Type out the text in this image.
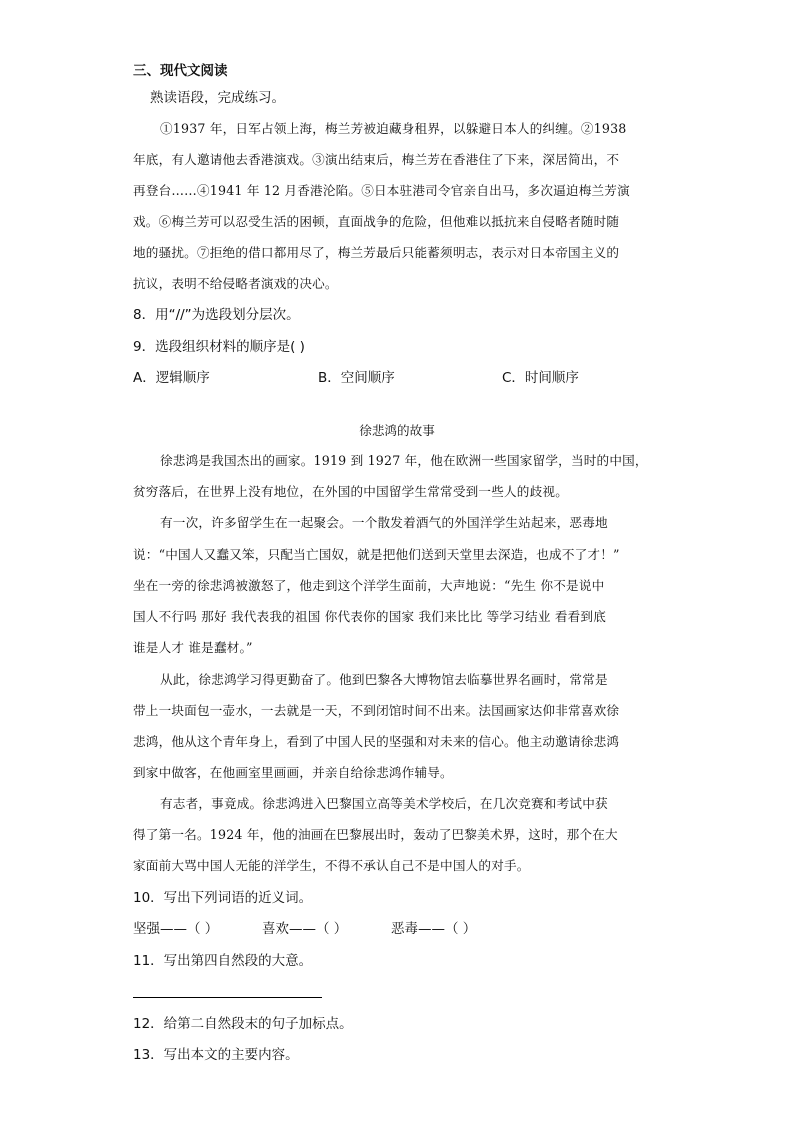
三、现代文阅读
熟读语段，完成练习。
①1937 年，日军占领上海，梅兰芳被迫藏身租界，以躲避日本人的纠缠。②1938
年底，有人邀请他去香港演戏。③演出结束后，梅兰芳在香港住了下来，深居简出，不
再登台……④1941 年 12 月香港沦陷。⑤日本驻港司令官亲自出马，多次逼迫梅兰芳演
戏。⑥梅兰芳可以忍受生活的困顿，直面战争的危险，但他难以抵抗来自侵略者随时随
地的骚扰。⑦拒绝的借口都用尽了，梅兰芳最后只能蓄须明志，表示对日本帝国主义的
抗议，表明不给侵略者演戏的决心。
8．用“//”为选段划分层次。
9．选段组织材料的顺序是( )
A．逻辑顺序	B．空间顺序	C．时间顺序
徐悲鸿的故事
徐悲鸿是我国杰出的画家。1919 到 1927 年，他在欧洲一些国家留学，当时的中国，
贫穷落后，在世界上没有地位，在外国的中国留学生常常受到一些人的歧视。
有一次，许多留学生在一起聚会。一个散发着酒气的外国洋学生站起来，恶毒地
说：“中国人又蠢又笨，只配当亡国奴，就是把他们送到天堂里去深造，也成不了才！”
坐在一旁的徐悲鸿被激怒了，他走到这个洋学生面前，大声地说：“先生 你不是说中
国人不行吗 那好 我代表我的祖国 你代表你的国家 我们来比比 等学习结业 看看到底
谁是人才 谁是蠢材。”
从此，徐悲鸿学习得更勤奋了。他到巴黎各大博物馆去临摹世界名画时，常常是
带上一块面包一壶水，一去就是一天，不到闭馆时间不出来。法国画家达仰非常喜欢徐
悲鸿，他从这个青年身上，看到了中国人民的坚强和对未来的信心。他主动邀请徐悲鸿
到家中做客，在他画室里画画，并亲自给徐悲鸿作辅导。
有志者，事竟成。徐悲鸿进入巴黎国立高等美术学校后，在几次竞赛和考试中获
得了第一名。1924 年，他的油画在巴黎展出时，轰动了巴黎美术界，这时，那个在大
家面前大骂中国人无能的洋学生，不得不承认自己不是中国人的对手。
10．写出下列词语的近义词。
坚强——（ ）	喜欢——（ ）	恶毒——（ ）
11．写出第四自然段的大意。
12．给第二自然段末的句子加标点。
13．写出本文的主要内容。
